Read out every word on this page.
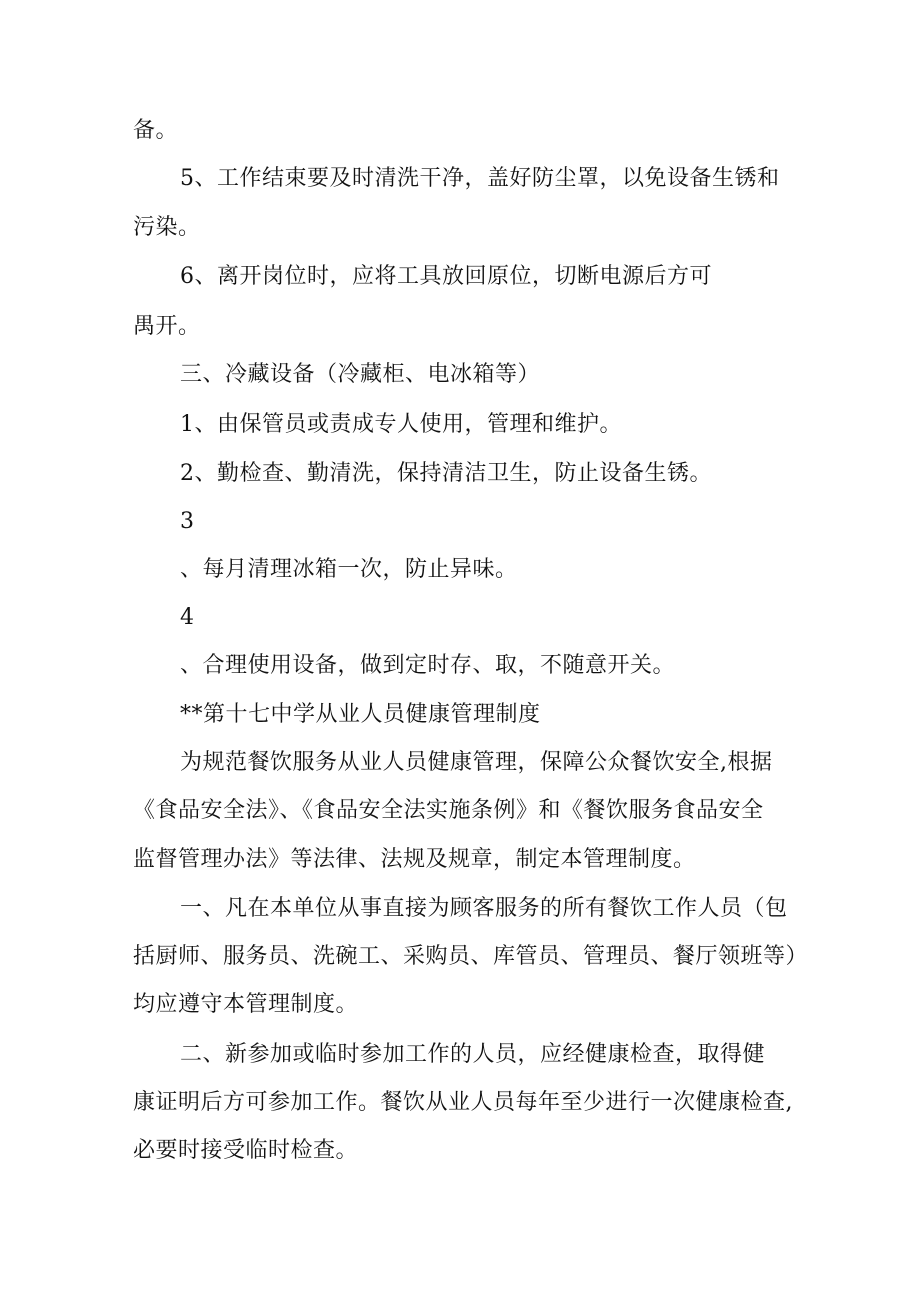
备。
5、工作结束要及时清洗干净，盖好防尘罩，以免设备生锈和
污染。
6、离开岗位时，应将工具放回原位，切断电源后方可
禺开。
三、冷藏设备（冷藏柜、电冰箱等）
1、由保管员或责成专人使用，管理和维护。
2、勤检查、勤清洗，保持清洁卫生，防止设备生锈。
3
、每月清理冰箱一次，防止异味。
4
、合理使用设备，做到定时存、取，不随意开关。
**第十七中学从业人员健康管理制度
为规范餐饮服务从业人员健康管理，保障公众餐饮安全,根据
《食品安全法》、《食品安全法实施条例》和《餐饮服务食品安全
监督管理办法》等法律、法规及规章，制定本管理制度。
一、凡在本单位从事直接为顾客服务的所有餐饮工作人员（包
括厨师、服务员、洗碗工、采购员、库管员、管理员、餐厅领班等）
均应遵守本管理制度。
二、新参加或临时参加工作的人员，应经健康检查，取得健
康证明后方可参加工作。餐饮从业人员每年至少进行一次健康检查,
必要时接受临时检查。
